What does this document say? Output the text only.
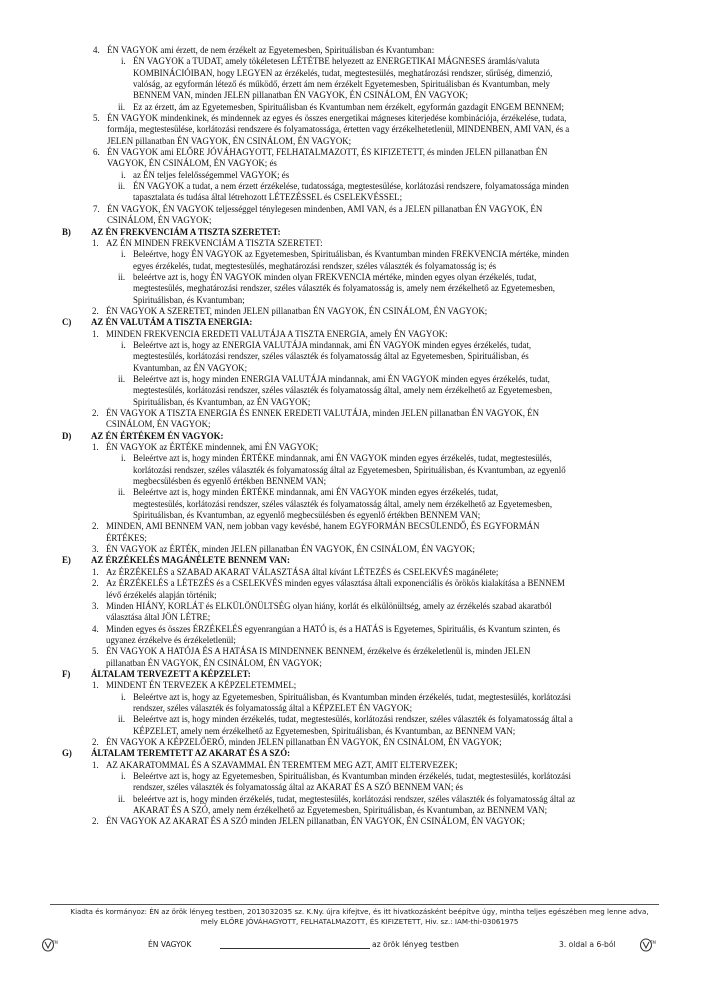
4. ÉN VAGYOK ami érzett, de nem érzékelt az Egyetemesben, Spirituálisban és Kvantumban:
i. ÉN VAGYOK a TUDAT, amely tökéletesen LÉTÉTBE helyezett az ENERGETIKAI MÁGNESES áramlás/valuta
KOMBINÁCIÓIBAN, hogy LEGYEN az érzékelés, tudat, megtestesülés, meghatározási rendszer, sűrűség, dimenzió,
valóság, az egyformán létező és működő, érzett ám nem érzékelt Egyetemesben, Spirituálisban és Kvantumban, mely
BENNEM VAN, minden JELEN pillanatban ÉN VAGYOK, ÉN CSINÁLOM, ÉN VAGYOK;
ii. Ez az érzett, ám az Egyetemesben, Spirituálisban és Kvantumban nem érzékelt, egyformán gazdagít ENGEM BENNEM;
5. ÉN VAGYOK mindenkinek, és mindennek az egyes és összes energetikai mágneses kiterjedése kombinációja, érzékelése, tudata,
formája, megtestesülése, korlátozási rendszere és folyamatossága, értetten vagy érzékelhetetlenül, MINDENBEN, AMI VAN, és a
JELEN pillanatban ÉN VAGYOK, ÉN CSINÁLOM, ÉN VAGYOK;
6. ÉN VAGYOK ami ELŐRE JÓVÁHAGYOTT, FELHATALMAZOTT, ÉS KIFIZETETT, és minden JELEN pillanatban ÉN
VAGYOK, ÉN CSINÁLOM, ÉN VAGYOK; és
i. az ÉN teljes felelősségemmel VAGYOK; és
ii. ÉN VAGYOK a tudat, a nem érzett érzékelése, tudatossága, megtestesülése, korlátozási rendszere, folyamatossága minden
tapasztalata és tudása által létrehozott LÉTEZÉSSEL és CSELEKVÉSSEL;
7. ÉN VAGYOK, ÉN VAGYOK teljességgel ténylegesen mindenben, AMI VAN, és a JELEN pillanatban ÉN VAGYOK, ÉN
CSINÁLOM, ÉN VAGYOK;
B) AZ ÉN FREKVENCIÁM A TISZTA SZERETET:
1. AZ ÉN MINDEN FREKVENCIÁM A TISZTA SZERETET:
i. Beleértve, hogy ÉN VAGYOK az Egyetemesben, Spirituálisban, és Kvantumban minden FREKVENCIA mértéke, minden
egyes érzékelés, tudat, megtestesülés, meghatározási rendszer, széles választék és folyamatosság is; és
ii. beleértve azt is, hogy ÉN VAGYOK minden olyan FREKVENCIA mértéke, minden egyes olyan érzékelés, tudat,
megtestesülés, meghatározási rendszer, széles választék és folyamatosság is, amely nem érzékelhető az Egyetemesben,
Spirituálisban, és Kvantumban;
2. ÉN VAGYOK A SZERETET, minden JELEN pillanatban ÉN VAGYOK, ÉN CSINÁLOM, ÉN VAGYOK;
C) AZ ÉN VALUTÁM A TISZTA ENERGIA:
1. MINDEN FREKVENCIA EREDETI VALUTÁJA A TISZTA ENERGIA, amely ÉN VAGYOK:
i. Beleértve azt is, hogy az ENERGIA VALUTÁJA mindannak, ami ÉN VAGYOK minden egyes érzékelés, tudat,
megtestesülés, korlátozási rendszer, széles választék és folyamatosság által az Egyetemesben, Spirituálisban, és
Kvantumban, az ÉN VAGYOK;
ii. Beleértve azt is, hogy minden ENERGIA VALUTÁJA mindannak, ami ÉN VAGYOK minden egyes érzékelés, tudat,
megtestesülés, korlátozási rendszer, széles választék és folyamatosság által, amely nem érzékelhető az Egyetemesben,
Spirituálisban, és Kvantumban, az ÉN VAGYOK;
2. ÉN VAGYOK A TISZTA ENERGIA ÉS ENNEK EREDETI VALUTÁJA, minden JELEN pillanatban ÉN VAGYOK, ÉN
CSINÁLOM, ÉN VAGYOK;
D) AZ ÉN ÉRTÉKEM ÉN VAGYOK:
1. ÉN VAGYOK az ÉRTÉKE mindennek, ami ÉN VAGYOK;
i. Beleértve azt is, hogy minden ÉRTÉKE mindannak, ami ÉN VAGYOK minden egyes érzékelés, tudat, megtestesülés,
korlátozási rendszer, széles választék és folyamatosság által az Egyetemesben, Spirituálisban, és Kvantumban, az egyenlő
megbecsülésben és egyenlő értékben BENNEM VAN;
ii. Beleértve azt is, hogy minden ÉRTÉKE mindannak, ami ÉN VAGYOK minden egyes érzékelés, tudat,
megtestesülés, korlátozási rendszer, széles választék és folyamatosság által, amely nem érzékelhető az Egyetemesben,
Spirituálisban, és Kvantumban, az egyenlő megbecsülésben és egyenlő értékben BENNEM VAN;
2. MINDEN, AMI BENNEM VAN, nem jobban vagy kevésbé, hanem EGYFORMÁN BECSÜLENDŐ, ÉS EGYFORMÁN
ÉRTÉKES;
3. ÉN VAGYOK az ÉRTÉK, minden JELEN pillanatban ÉN VAGYOK, ÉN CSINÁLOM, ÉN VAGYOK;
E) AZ ÉRZÉKELÉS MAGÁNÉLETE BENNEM VAN:
1. Az ÉRZÉKELÉS a SZABAD AKARAT VÁLASZTÁSA által kívánt LÉTEZÉS és CSELEKVÉS magánélete;
2. Az ÉRZÉKELÉS a LÉTEZÉS és a CSELEKVÉS minden egyes választása általi exponenciális és örökös kialakítása a BENNEM
lévő érzékelés alapján történik;
3. Minden HIÁNY, KORLÁT és ELKÜLÖNÜLTSÉG olyan hiány, korlát és elkülönültség, amely az érzékelés szabad akaratból
választása által JÖN LÉTRE;
4. Minden egyes és összes ÉRZÉKELÉS egyenrangúan a HATÓ is, és a HATÁS is Egyetemes, Spirituális, és Kvantum szinten, és
ugyanez érzékelve és érzékeletlenül;
5. ÉN VAGYOK A HATÓJA ÉS A HATÁSA IS MINDENNEK BENNEM, érzékelve és érzékeletlenül is, minden JELEN
pillanatban ÉN VAGYOK, ÉN CSINÁLOM, ÉN VAGYOK;
F) ÁLTALAM TERVEZETT A KÉPZELET:
1. MINDENT ÉN TERVEZEK A KÉPZELETEMMEL;
i. Beleértve azt is, hogy az Egyetemesben, Spirituálisban, és Kvantumban minden érzékelés, tudat, megtestesülés, korlátozási
rendszer, széles választék és folyamatosság által a KÉPZELET ÉN VAGYOK;
ii. Beleértve azt is, hogy minden érzékelés, tudat, megtestesülés, korlátozási rendszer, széles választék és folyamatosság által a
KÉPZELET, amely nem érzékelhető az Egyetemesben, Spirituálisban, és Kvantumban, az BENNEM VAN;
2. ÉN VAGYOK A KÉPZELŐERŐ, minden JELEN pillanatban ÉN VAGYOK, ÉN CSINÁLOM, ÉN VAGYOK;
G) ÁLTALAM TEREMTETT AZ AKARAT ÉS A SZÓ:
1. AZ AKARATOMMAL ÉS A SZAVAMMAL ÉN TEREMTEM MEG AZT, AMIT ELTERVEZEK;
i. Beleértve azt is, hogy az Egyetemesben, Spirituálisban, és Kvantumban minden érzékelés, tudat, megtestesülés, korlátozási
rendszer, széles választék és folyamatosság által az AKARAT ÉS A SZÓ BENNEM VAN; és
ii. beleértve azt is, hogy minden érzékelés, tudat, megtestesülés, korlátozási rendszer, széles választék és folyamatosság által az
AKARAT ÉS A SZÓ, amely nem érzékelhető az Egyetemesben, Spirituálisban, és Kvantumban, az BENNEM VAN;
2. ÉN VAGYOK AZ AKARAT ÉS A SZÓ minden JELEN pillanatban, ÉN VAGYOK, ÉN CSINÁLOM, ÉN VAGYOK;
Kiadta és kormányoz: ÉN az örök lényeg testben, 2013032035 sz. K.Ny. újra kifejtve, és itt hivatkozásként beépítve úgy, mintha teljes egészében meg lenne adva,
mely ELŐRE JÓVÁHAGYOTT, FELHATALMAZOTT, ÉS KIFIZETETT, Hiv. sz.: IAM-thi-03061975
TM	ÉN VAGYOK	az örök lényeg testben	3. oldal a 6-ból	TM
